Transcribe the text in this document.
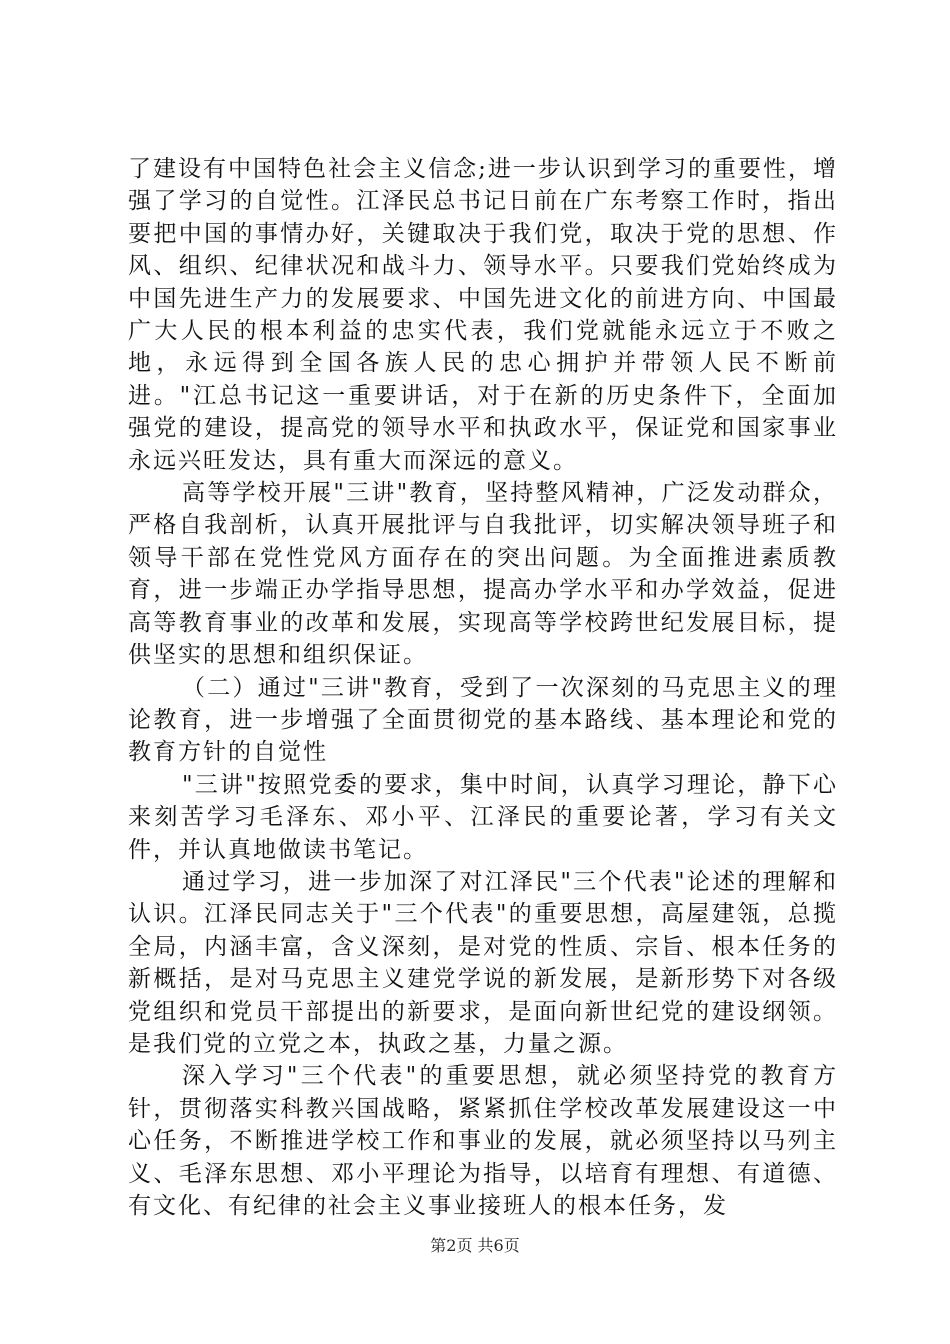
了建设有中国特色社会主义信念;进一步认识到学习的重要性，增强了学习的自觉性。江泽民总书记日前在广东考察工作时，指出要把中国的事情办好，关键取决于我们党，取决于党的思想、作风、组织、纪律状况和战斗力、领导水平。只要我们党始终成为中国先进生产力的发展要求、中国先进文化的前进方向、中国最广大人民的根本利益的忠实代表，我们党就能永远立于不败之地，永远得到全国各族人民的忠心拥护并带领人民不断前进。"江总书记这一重要讲话，对于在新的历史条件下，全面加强党的建设，提高党的领导水平和执政水平，保证党和国家事业永远兴旺发达，具有重大而深远的意义。

高等学校开展"三讲"教育，坚持整风精神，广泛发动群众，严格自我剖析，认真开展批评与自我批评，切实解决领导班子和领导干部在党性党风方面存在的突出问题。为全面推进素质教育，进一步端正办学指导思想，提高办学水平和办学效益，促进高等教育事业的改革和发展，实现高等学校跨世纪发展目标，提供坚实的思想和组织保证。

（二）通过"三讲"教育，受到了一次深刻的马克思主义的理论教育，进一步增强了全面贯彻党的基本路线、基本理论和党的教育方针的自觉性

"三讲"按照党委的要求，集中时间，认真学习理论，静下心来刻苦学习毛泽东、邓小平、江泽民的重要论著，学习有关文件，并认真地做读书笔记。

通过学习，进一步加深了对江泽民"三个代表"论述的理解和认识。江泽民同志关于"三个代表"的重要思想，高屋建瓴，总揽全局，内涵丰富，含义深刻，是对党的性质、宗旨、根本任务的新概括，是对马克思主义建党学说的新发展，是新形势下对各级党组织和党员干部提出的新要求，是面向新世纪党的建设纲领。是我们党的立党之本，执政之基，力量之源。

深入学习"三个代表"的重要思想，就必须坚持党的教育方针，贯彻落实科教兴国战略，紧紧抓住学校改革发展建设这一中心任务，不断推进学校工作和事业的发展，就必须坚持以马列主义、毛泽东思想、邓小平理论为指导，以培育有理想、有道德、有文化、有纪律的社会主义事业接班人的根本任务，发

第2页 共6页
